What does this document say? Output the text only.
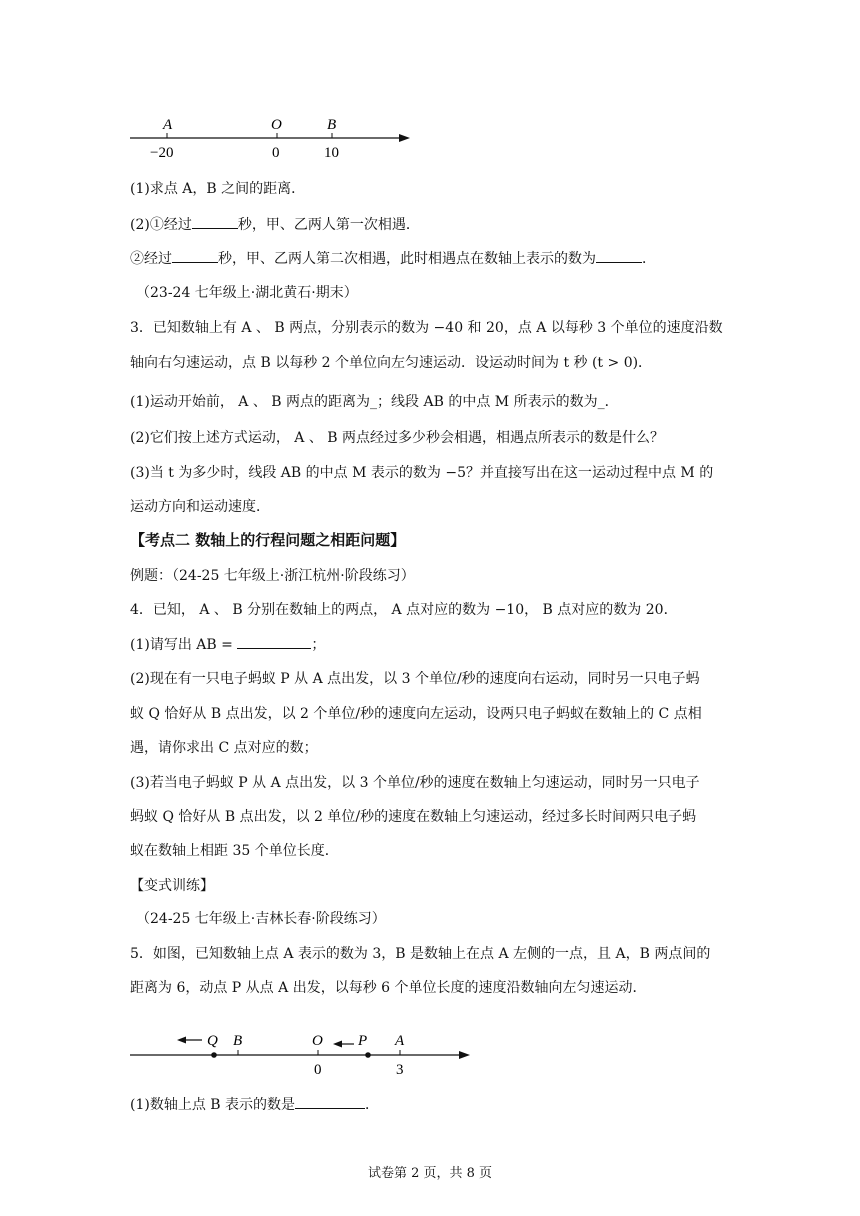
A	O	B
−20	0	10
(1)求点 A，B 之间的距离．
(2)①经过	秒，甲、乙两人第一次相遇．
②经过	秒，甲、乙两人第二次相遇，此时相遇点在数轴上表示的数为	．
（23-24 七年级上·湖北黄石·期末）
3．已知数轴上有 A 、 B 两点，分别表示的数为 −40 和 20，点 A 以每秒 3 个单位的速度沿数
轴向右匀速运动，点 B 以每秒 2 个单位向左匀速运动．设运动时间为 t 秒 (t > 0)．
(1)运动开始前， A 、 B 两点的距离为_；线段 AB 的中点 M 所表示的数为_．
(2)它们按上述方式运动， A 、 B 两点经过多少秒会相遇，相遇点所表示的数是什么？
(3)当 t 为多少时，线段 AB 的中点 M 表示的数为 −5？并直接写出在这一运动过程中点 M 的
运动方向和运动速度．
【考点二 数轴上的行程问题之相距问题】
例题：（24-25 七年级上·浙江杭州·阶段练习）
4．已知， A 、 B 分别在数轴上的两点， A 点对应的数为 −10， B 点对应的数为 20．
(1)请写出 AB =	；
(2)现在有一只电子蚂蚁 P 从 A 点出发，以 3 个单位/秒的速度向右运动，同时另一只电子蚂
蚁 Q 恰好从 B 点出发，以 2 个单位/秒的速度向左运动，设两只电子蚂蚁在数轴上的 C 点相
遇，请你求出 C 点对应的数；
(3)若当电子蚂蚁 P 从 A 点出发，以 3 个单位/秒的速度在数轴上匀速运动，同时另一只电子
蚂蚁 Q 恰好从 B 点出发，以 2 单位/秒的速度在数轴上匀速运动，经过多长时间两只电子蚂
蚁在数轴上相距 35 个单位长度．
【变式训练】
（24-25 七年级上·吉林长春·阶段练习）
5．如图，已知数轴上点 A 表示的数为 3，B 是数轴上在点 A 左侧的一点，且 A，B 两点间的
距离为 6，动点 P 从点 A 出发，以每秒 6 个单位长度的速度沿数轴向左匀速运动．
Q B	O P A
0	3
(1)数轴上点 B 表示的数是	．
试卷第 2 页，共 8 页
